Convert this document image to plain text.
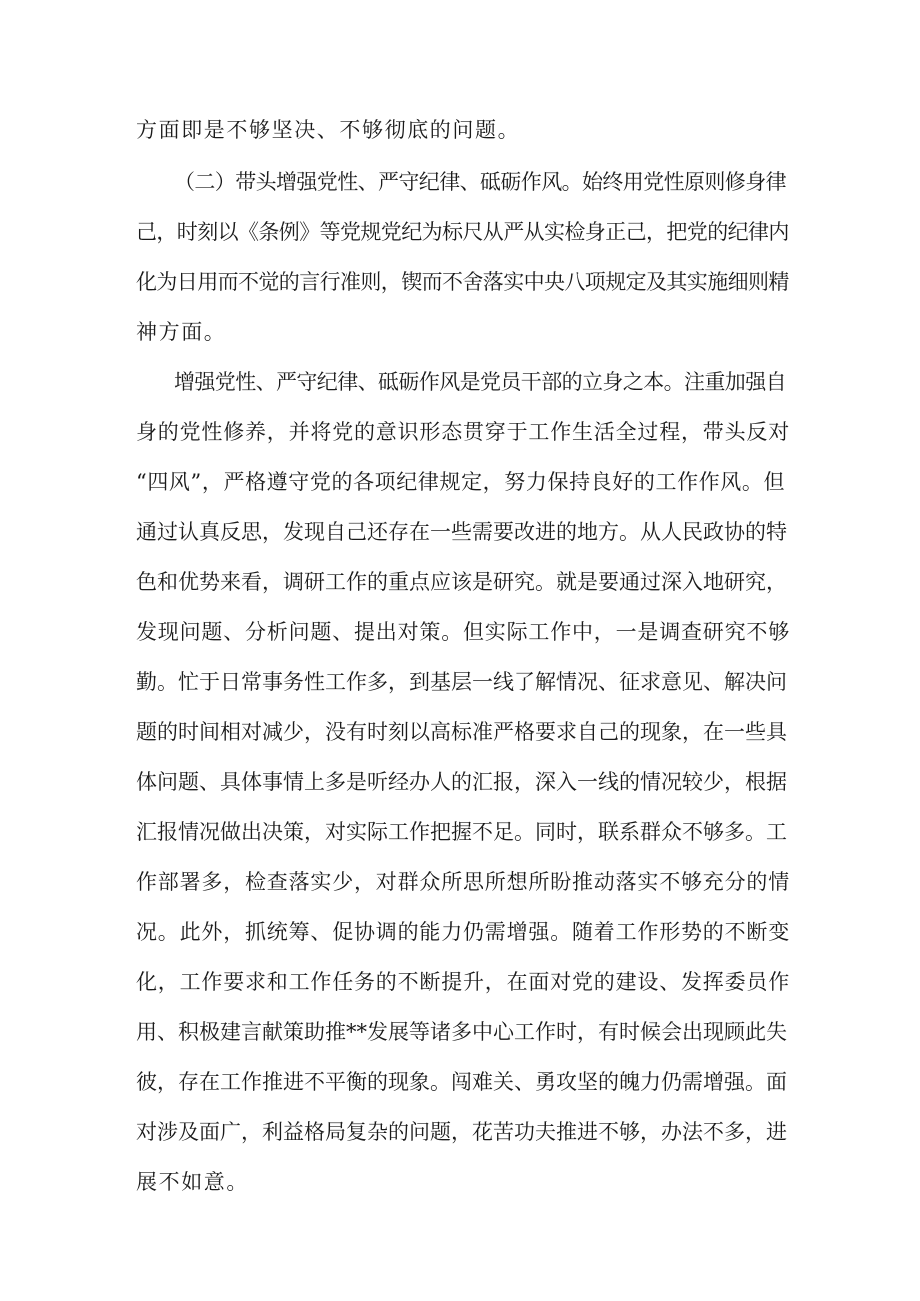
方面即是不够坚决、不够彻底的问题。
（二）带头增强党性、严守纪律、砥砺作风。始终用党性原则修身律
己，时刻以《条例》等党规党纪为标尺从严从实检身正己，把党的纪律内
化为日用而不觉的言行准则，锲而不舍落实中央八项规定及其实施细则精
神方面。
增强党性、严守纪律、砥砺作风是党员干部的立身之本。注重加强自
身的党性修养，并将党的意识形态贯穿于工作生活全过程，带头反对
“四风”，严格遵守党的各项纪律规定，努力保持良好的工作作风。但
通过认真反思，发现自己还存在一些需要改进的地方。从人民政协的特
色和优势来看，调研工作的重点应该是研究。就是要通过深入地研究，
发现问题、分析问题、提出对策。但实际工作中，一是调查研究不够
勤。忙于日常事务性工作多，到基层一线了解情况、征求意见、解决问
题的时间相对减少，没有时刻以高标准严格要求自己的现象，在一些具
体问题、具体事情上多是听经办人的汇报，深入一线的情况较少，根据
汇报情况做出决策，对实际工作把握不足。同时，联系群众不够多。工
作部署多，检查落实少，对群众所思所想所盼推动落实不够充分的情
况。此外，抓统筹、促协调的能力仍需增强。随着工作形势的不断变
化，工作要求和工作任务的不断提升，在面对党的建设、发挥委员作
用、积极建言献策助推**发展等诸多中心工作时，有时候会出现顾此失
彼，存在工作推进不平衡的现象。闯难关、勇攻坚的魄力仍需增强。面
对涉及面广，利益格局复杂的问题，花苦功夫推进不够，办法不多，进
展不如意。
